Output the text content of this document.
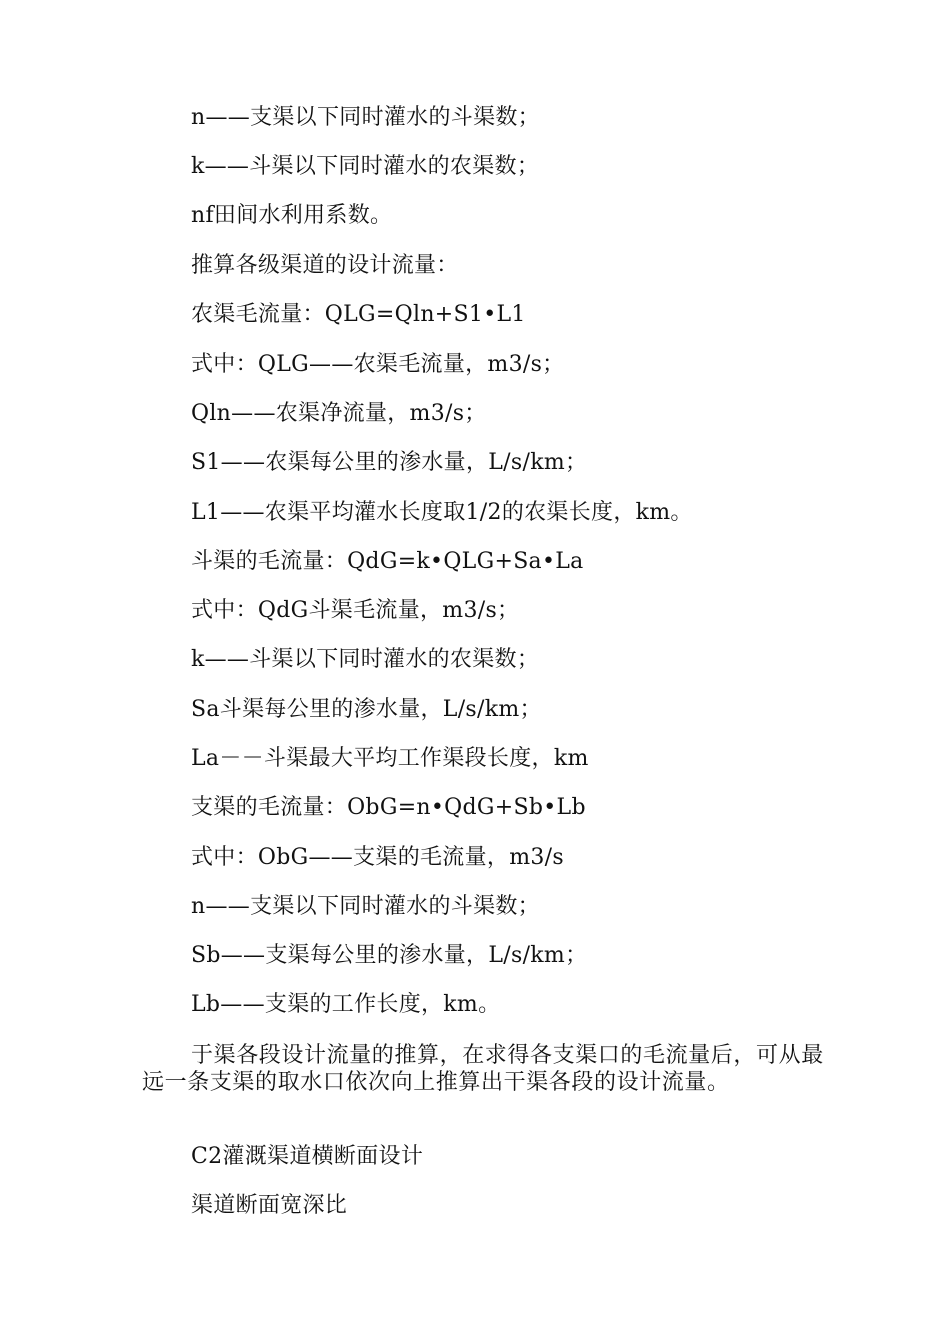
n——支渠以下同时灌水的斗渠数；
k——斗渠以下同时灌水的农渠数；
nf田间水利用系数。
推算各级渠道的设计流量：
农渠毛流量：QLG=Qln+S1•L1
式中：QLG——农渠毛流量，m3/s；
Qln——农渠净流量，m3/s；
S1——农渠每公里的渗水量，L/s/km；
L1——农渠平均灌水长度取1/2的农渠长度，km。
斗渠的毛流量：QdG=k•QLG+Sa•La
式中：QdG斗渠毛流量，m3/s；
k——斗渠以下同时灌水的农渠数；
Sa斗渠每公里的渗水量，L/s/km；
La－－斗渠最大平均工作渠段长度，km
支渠的毛流量：ObG=n•QdG+Sb•Lb
式中：ObG——支渠的毛流量，m3/s
n——支渠以下同时灌水的斗渠数；
Sb——支渠每公里的渗水量，L/s/km；
Lb——支渠的工作长度，km。
于渠各段设计流量的推算，在求得各支渠口的毛流量后，可从最远一条支渠的取水口依次向上推算出干渠各段的设计流量。
C2灌溉渠道横断面设计
渠道断面宽深比
